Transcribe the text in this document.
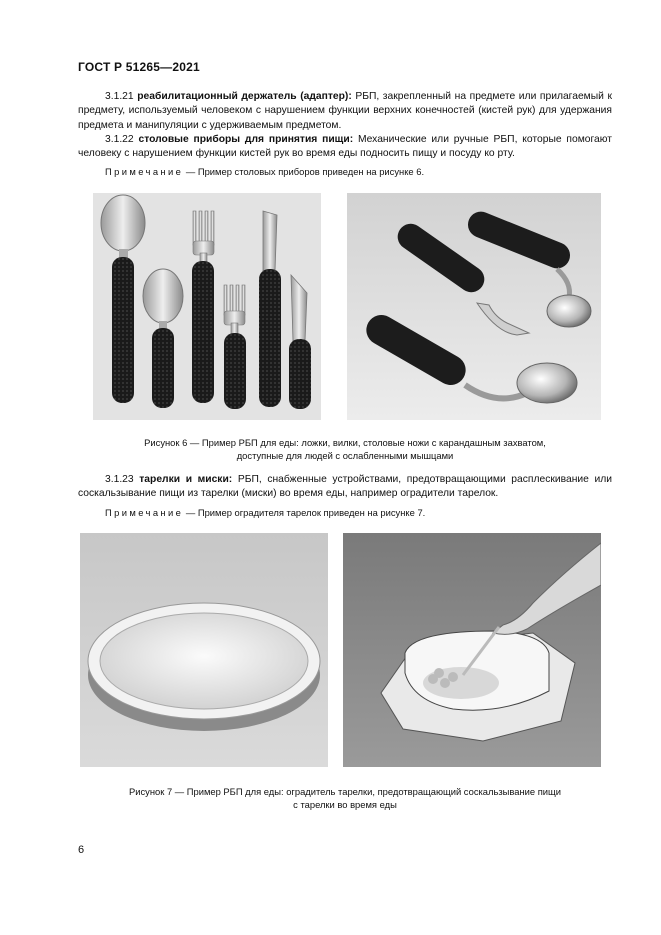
ГОСТ Р 51265—2021
3.1.21 реабилитационный держатель (адаптер): РБП, закрепленный на предмете или прилагаемый к предмету, используемый человеком с нарушением функции верхних конечностей (кистей рук) для удержания предмета и манипуляции с удерживаемым предметом.
3.1.22 столовые приборы для принятия пищи: Механические или ручные РБП, которые помогают человеку с нарушением функции кистей рук во время еды подносить пищу и посуду ко рту.
Примечание — Пример столовых приборов приведен на рисунке 6.
Рисунок 6 — Пример РБП для еды: ложки, вилки, столовые ножи с карандашным захватом,
доступные для людей с ослабленными мышцами
3.1.23 тарелки и миски: РБП, снабженные устройствами, предотвращающими расплескивание или соскальзывание пищи из тарелки (миски) во время еды, например оградители тарелок.
Примечание — Пример оградителя тарелок приведен на рисунке 7.
Рисунок 7 — Пример РБП для еды: оградитель тарелки, предотвращающий соскальзывание пищи
с тарелки во время еды
6
